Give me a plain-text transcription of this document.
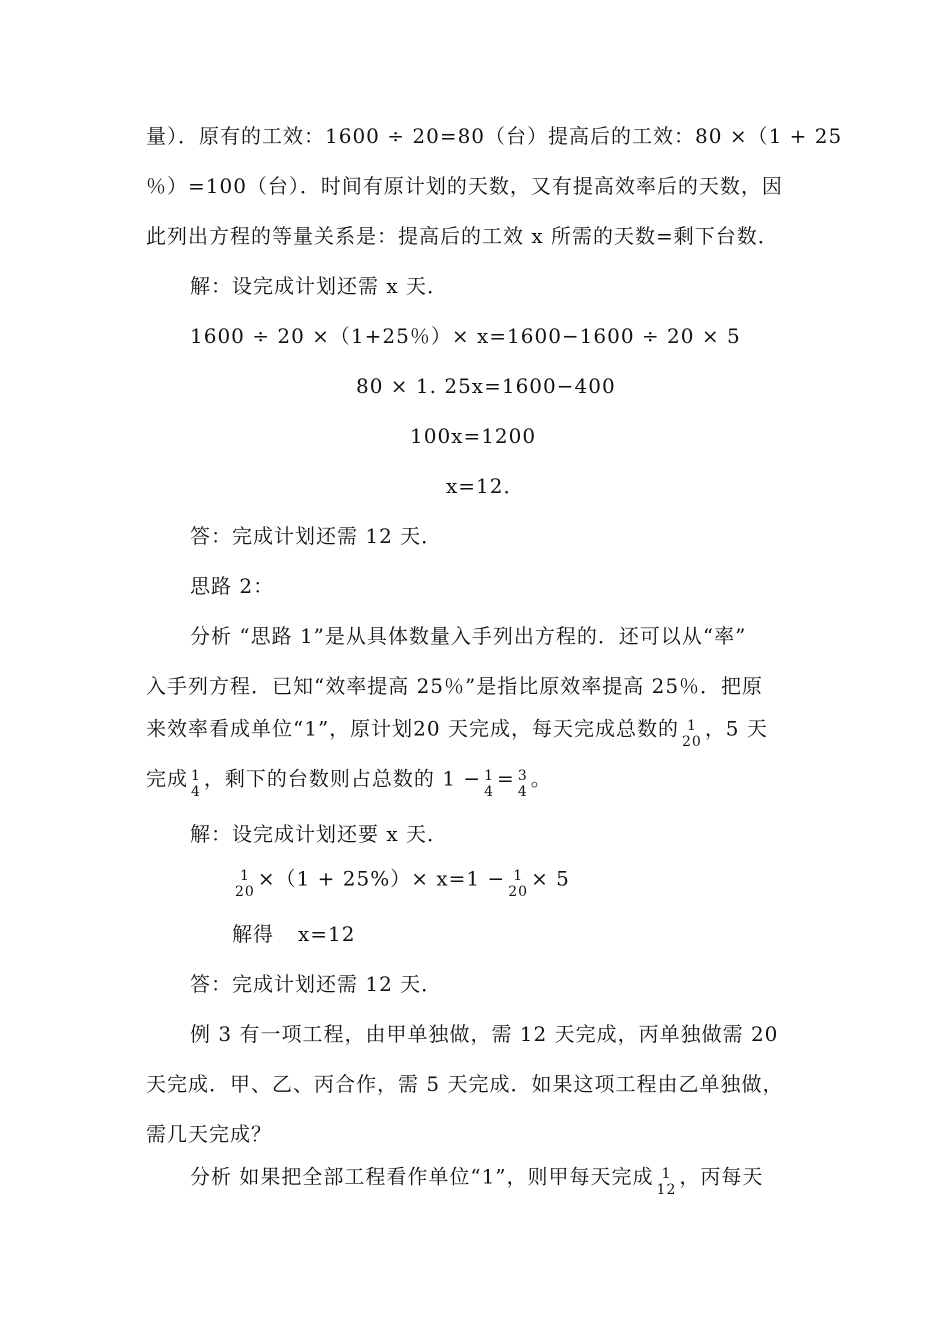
量）．原有的工效：1600 ÷ 20=80（台）提高后的工效：80 ×（1 + 25
％）=100（台）．时间有原计划的天数，又有提高效率后的天数，因
此列出方程的等量关系是：提高后的工效 x 所需的天数=剩下台数．
解：设完成计划还需 x 天．
1600 ÷ 20 ×（1+25％）× x=1600−1600 ÷ 20 × 5
80 × 1. 25x=1600−400
100x=1200
x=12．
答：完成计划还需 12 天．
思路 2：
分析 “思路 1”是从具体数量入手列出方程的．还可以从“率”
入手列方程．已知“效率提高 25％”是指比原效率提高 25％．把原
来效率看成单位“1”，原计划20 天完成，每天完成总数的 1
20
，5 天
完成 1
4
，剩下的台数则占总数的 1 − 1
4
= 3
4
。
解：设完成计划还要 x 天．
1
20
×（1 + 25%）× x=1 − 1
20
× 5
解得 x=12
答：完成计划还需 12 天．
例 3 有一项工程，由甲单独做，需 12 天完成，丙单独做需 20
天完成．甲、乙、丙合作，需 5 天完成．如果这项工程由乙单独做，
需几天完成？
分析 如果把全部工程看作单位“1”，则甲每天完成 1
12
，丙每天
